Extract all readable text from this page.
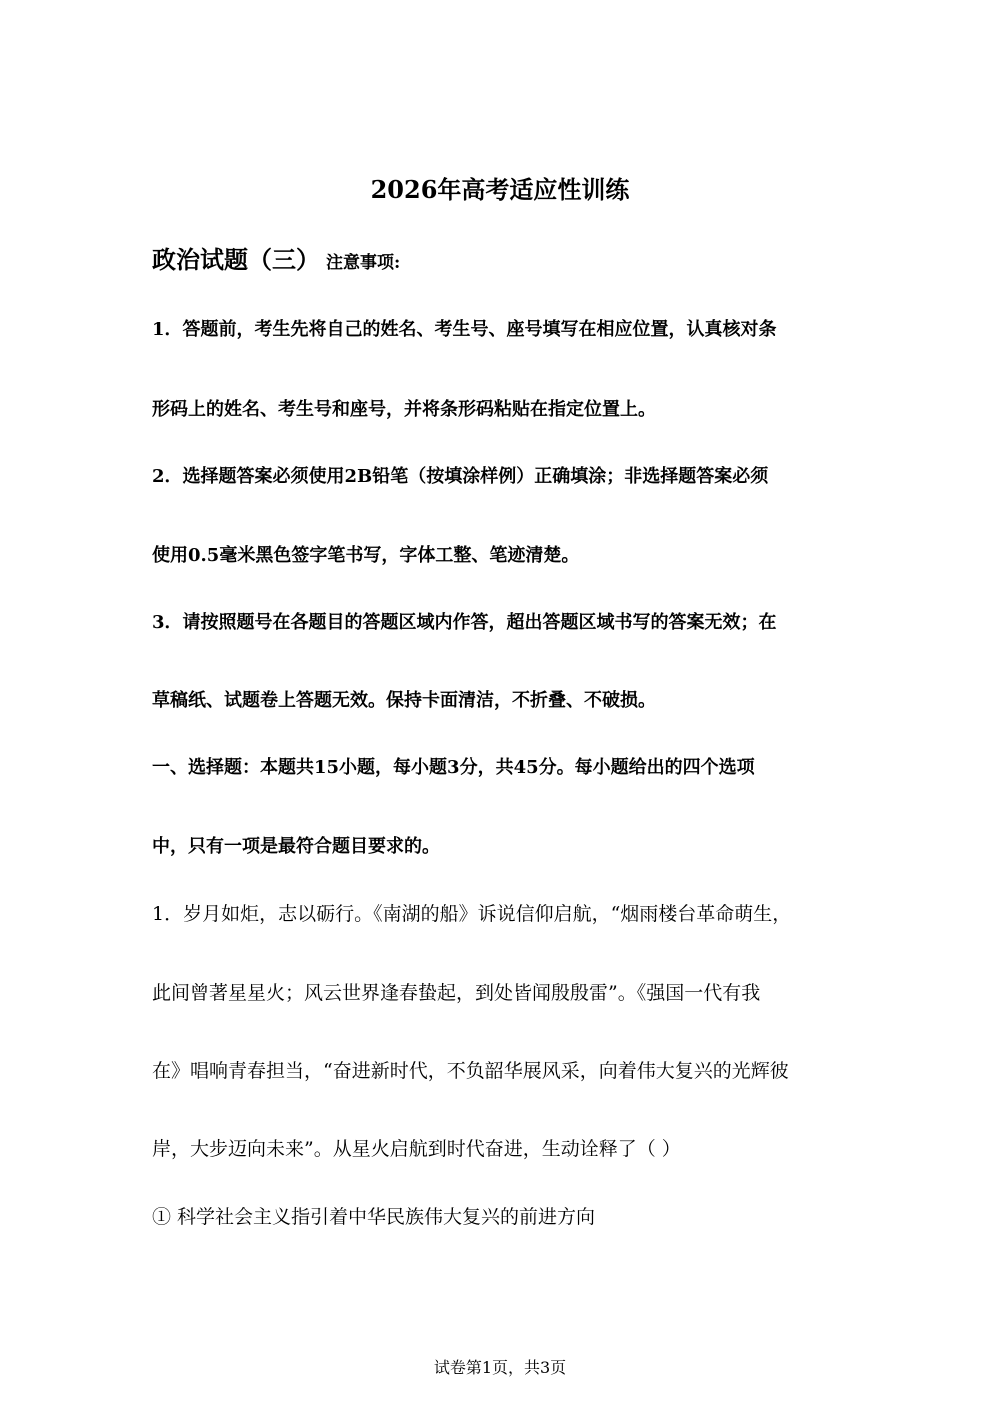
2026年高考适应性训练
政治试题（三） 注意事项:
1．答题前，考生先将自己的姓名、考生号、座号填写在相应位置，认真核对条
形码上的姓名、考生号和座号，并将条形码粘贴在指定位置上。
2．选择题答案必须使用2B铅笔（按填涂样例）正确填涂；非选择题答案必须
使用0.5毫米黑色签字笔书写，字体工整、笔迹清楚。
3．请按照题号在各题目的答题区域内作答，超出答题区域书写的答案无效；在
草稿纸、试题卷上答题无效。保持卡面清洁，不折叠、不破损。
一、选择题：本题共15小题，每小题3分，共45分。每小题给出的四个选项
中，只有一项是最符合题目要求的。
1．岁月如炬，志以砺行。《南湖的船》诉说信仰启航，“烟雨楼台革命萌生，
此间曾著星星火；风云世界逢春蛰起，到处皆闻殷殷雷”。《强国一代有我
在》唱响青春担当，“奋进新时代，不负韶华展风采，向着伟大复兴的光辉彼
岸，大步迈向未来”。从星火启航到时代奋进，生动诠释了（ ）
① 科学社会主义指引着中华民族伟大复兴的前进方向
试卷第1页，共3页
